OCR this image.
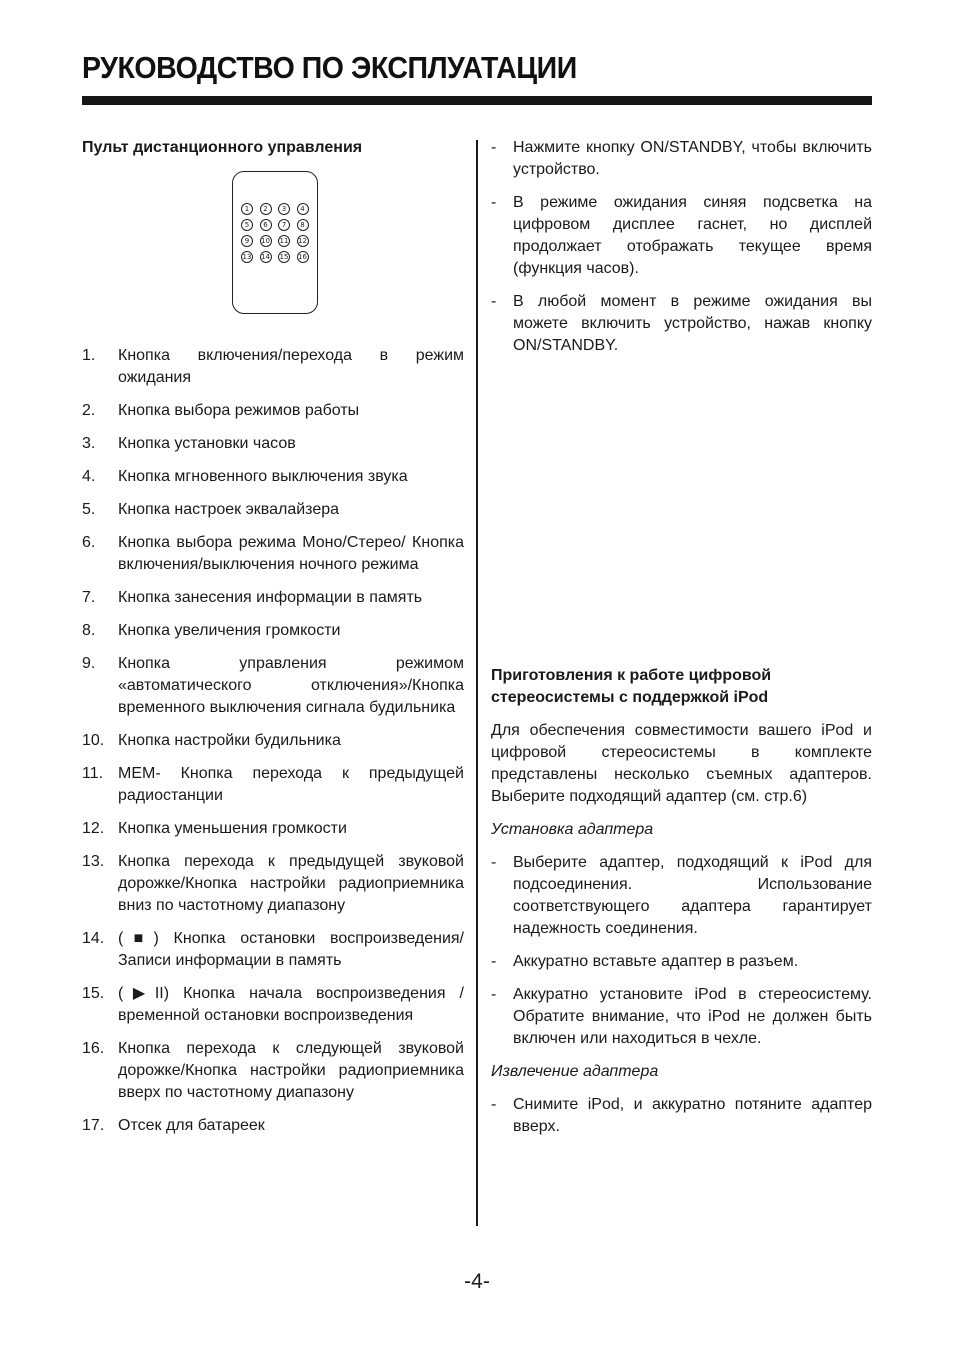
РУКОВОДСТВО ПО ЭКСПЛУАТАЦИИ

Пульт дистанционного управления

1	2	3	4
5	6	7	8
9	10 11 12
13 14 15 16
1.	Кнопка включения/перехода в режим ожидания
2.	Кнопка выбора режимов работы
3.	Кнопка установки часов
4.	Кнопка мгновенного выключения звука
5.	Кнопка настроек эквалайзера
6.	Кнопка выбора режима Моно/Стерео/ Кнопка включения/выключения ночного режима
7.	Кнопка занесения информации в память
8.	Кнопка увеличения громкости
9.	Кнопка управления режимом «автоматического отключения»/Кнопка временного выключения сигнала будильника
10. Кнопка настройки будильника
11. MEM- Кнопка перехода к предыдущей радиостанции
12. Кнопка уменьшения громкости
13. Кнопка перехода к предыдущей звуковой дорожке/Кнопка настройки радиоприемника вниз по частотному диапазону
14. (■) Кнопка остановки воспроизведения/Записи информации в память
15. (▶II) Кнопка начала воспроизведения / временной остановки воспроизведения
16. Кнопка перехода к следующей звуковой дорожке/Кнопка настройки радиоприемника вверх по частотному диапазону
17. Отсек для батареек
-	Нажмите кнопку ON/STANDBY, чтобы включить устройство.
-	В режиме ожидания синяя подсветка на цифровом дисплее гаснет, но дисплей продолжает отображать текущее время (функция часов).
-	В любой момент в режиме ожидания вы можете включить устройство, нажав кнопку ON/STANDBY.

Приготовления к работе цифровой стереосистемы с поддержкой iPod

Для обеспечения совместимости вашего iPod и цифровой стереосистемы в комплекте представлены несколько съемных адаптеров. Выберите подходящий адаптер (см. стр.6)

Установка адаптера

-	Выберите адаптер, подходящий к iPod для подсоединения. Использование соответствующего адаптера гарантирует надежность соединения.
-	Аккуратно вставьте адаптер в разъем.
-	Аккуратно установите iPod в стереосистему. Обратите внимание, что iPod не должен быть включен или находиться в чехле.

Извлечение адаптера

-	Снимите iPod, и аккуратно потяните адаптер вверх.
-4-
